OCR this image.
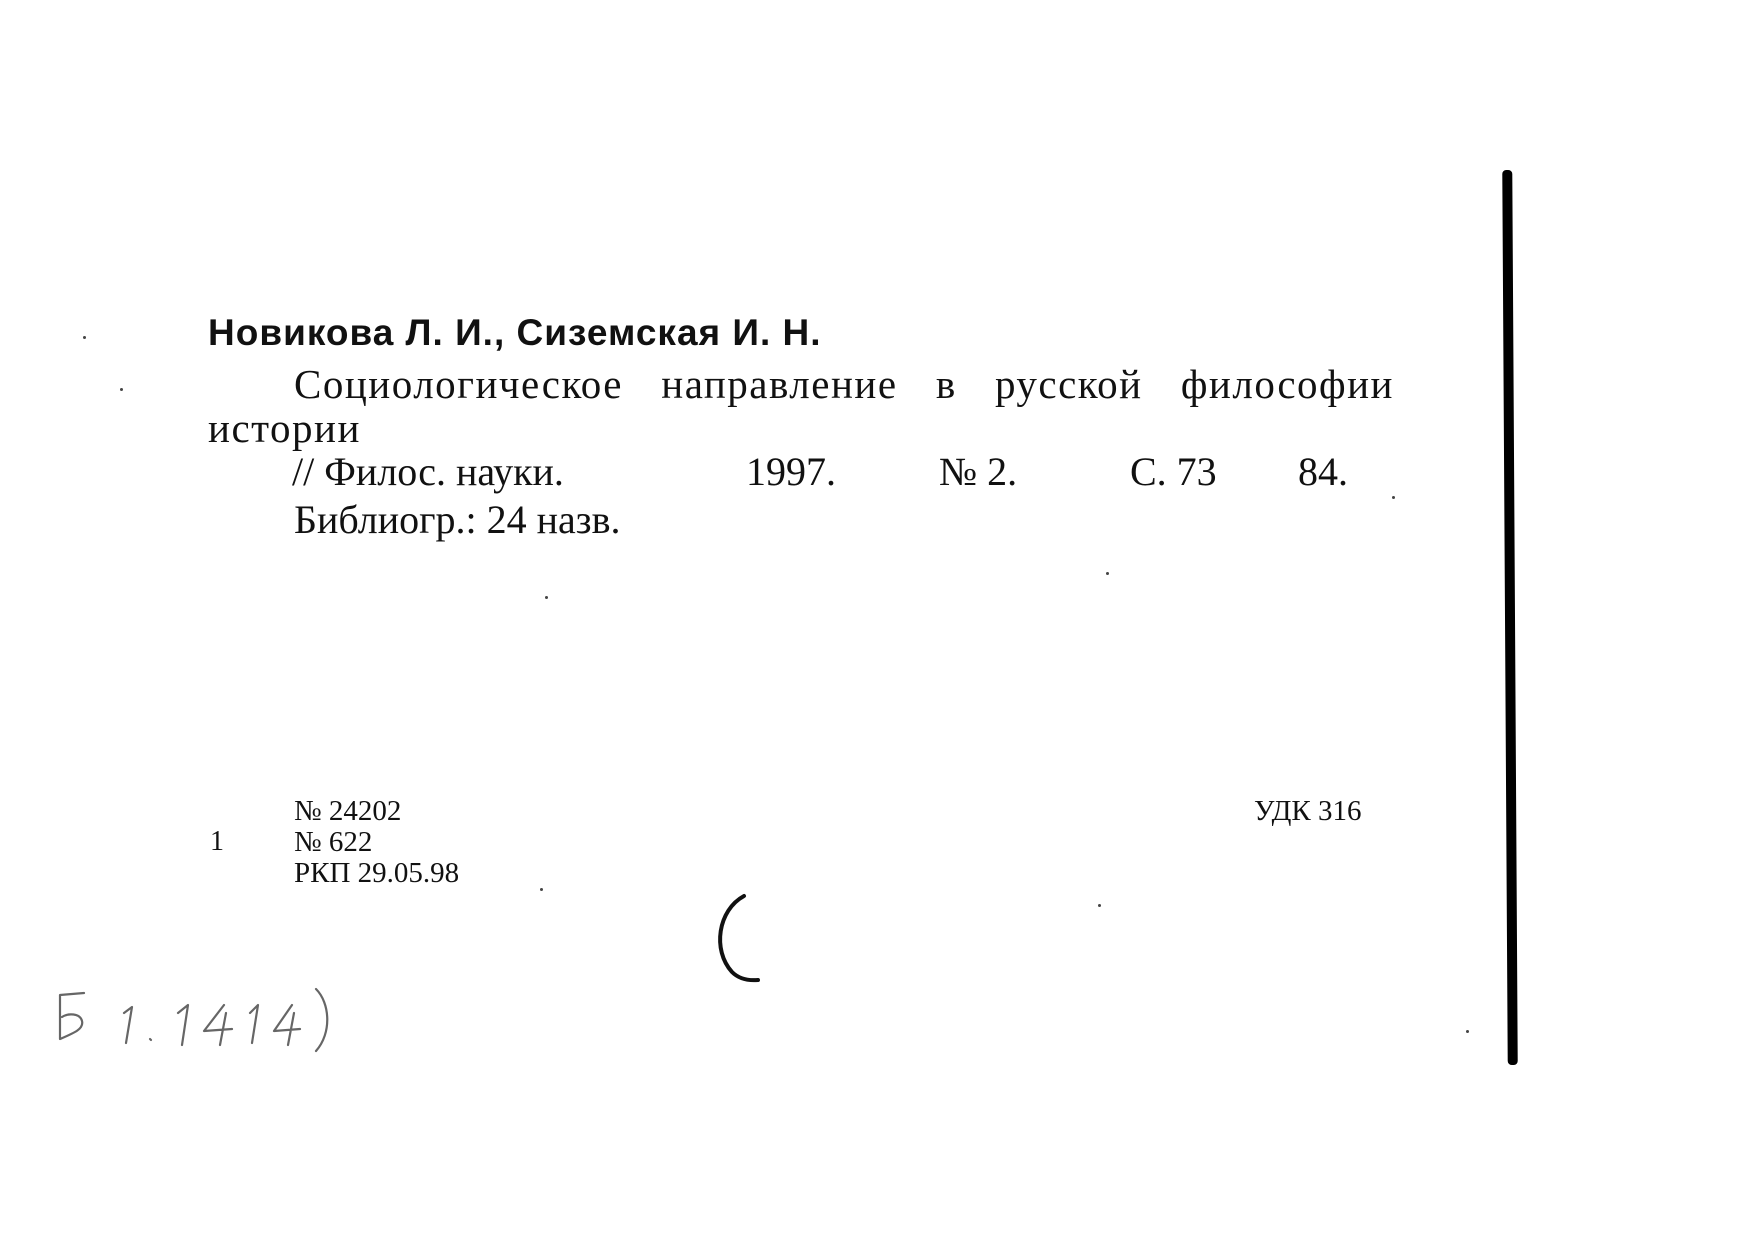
Новикова Л. И., Сиземская И. Н.
Социологическое направление в русской философии
истории
// Филос. науки.	1997.	№ 2.	С. 73 84.
Библиогр.: 24 назв.
1
№ 24202
№ 622
РКП 29.05.98
УДК 316
